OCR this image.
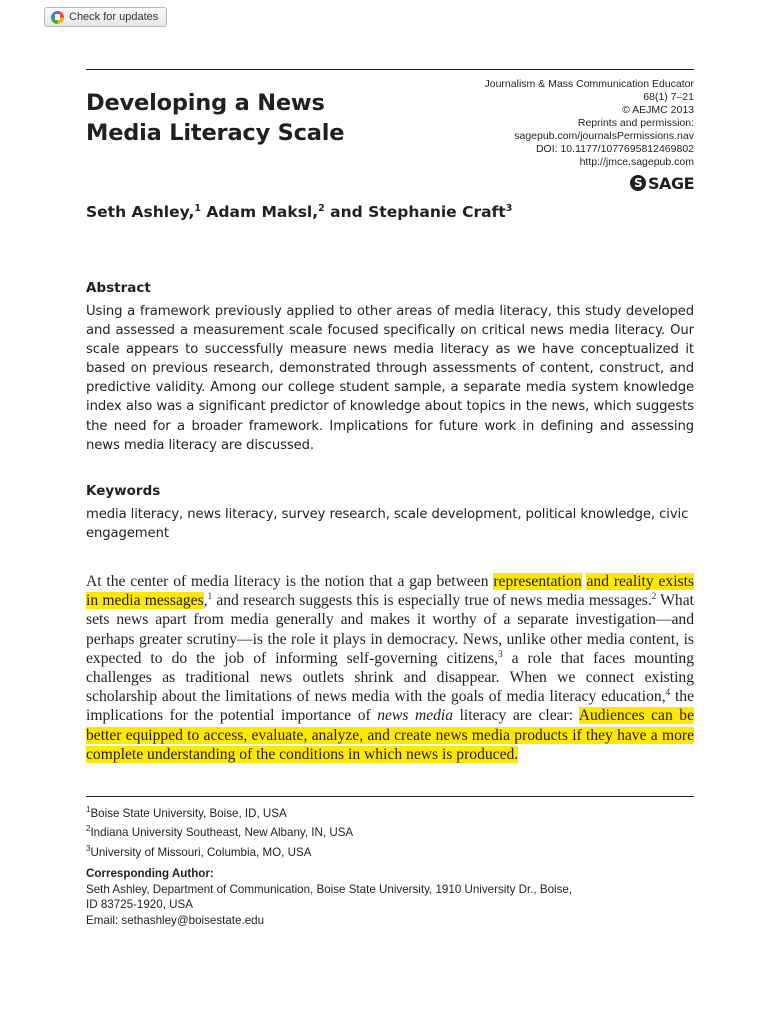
Check for updates
Developing a News
Media Literacy Scale
Journalism & Mass Communication Educator
68(1) 7–21
© AEJMC 2013
Reprints and permission:
sagepub.com/journalsPermissions.nav
DOI: 10.1177/1077695812469802
http://jmce.sagepub.com
S SAGE

Seth Ashley,$^1$ Adam Maksl,$^2$ and Stephanie Craft$^3$

Abstract

Using a framework previously applied to other areas of media literacy, this study developed and assessed a measurement scale focused specifically on critical news media literacy. Our scale appears to successfully measure news media literacy as we have conceptualized it based on previous research, demonstrated through assessments of content, construct, and predictive validity. Among our college student sample, a separate media system knowledge index also was a significant predictor of knowledge about topics in the news, which suggests the need for a broader framework. Implications for future work in defining and assessing news media literacy are discussed.

Keywords

media literacy, news literacy, survey research, scale development, political knowledge, civic engagement

At the center of media literacy is the notion that a gap between representation and reality exists in media messages,$^1$ and research suggests this is especially true of news media messages.$^2$ What sets news apart from media generally and makes it worthy of a separate investigation—and perhaps greater scrutiny—is the role it plays in democracy. News, unlike other media content, is expected to do the job of informing self-governing citizens,$^3$ a role that faces mounting challenges as traditional news outlets shrink and disappear. When we connect existing scholarship about the limitations of news media with the goals of media literacy education,$^4$ the implications for the potential importance of news media literacy are clear: Audiences can be better equipped to access, evaluate, analyze, and create news media products if they have a more complete understanding of the conditions in which news is produced.

$^1$Boise State University, Boise, ID, USA
$^2$Indiana University Southeast, New Albany, IN, USA
$^3$University of Missouri, Columbia, MO, USA

Corresponding Author:
Seth Ashley, Department of Communication, Boise State University, 1910 University Dr., Boise,
ID 83725-1920, USA
Email: sethashley@boisestate.edu
